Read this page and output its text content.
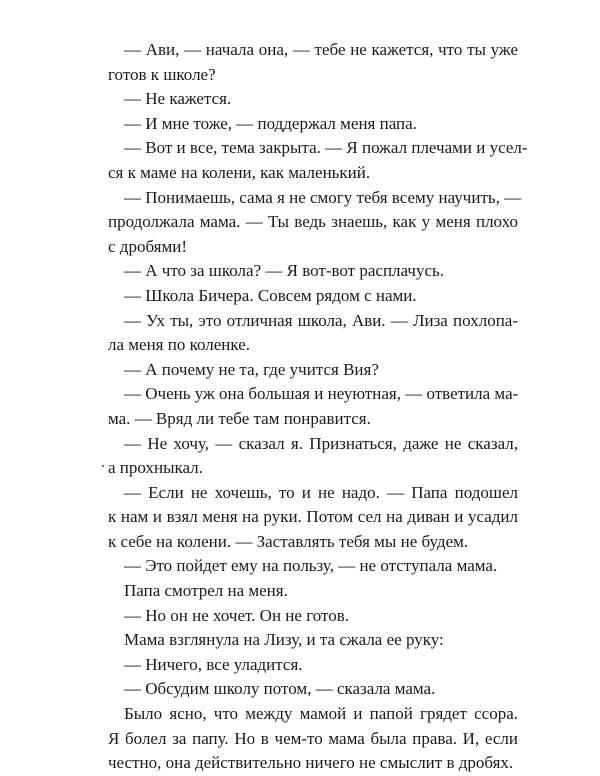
— Ави, — начала она, — тебе не кажется, что ты уже
готов к школе?
— Не кажется.
— И мне тоже, — поддержал меня папа.
— Вот и все, тема закрыта. — Я пожал плечами и усел-
ся к маме на колени, как маленький.
— Понимаешь, сама я не смогу тебя всему научить, —
продолжала мама. — Ты ведь знаешь, как у меня плохо
с дробями!
— А что за школа? — Я вот-вот расплачусь.
— Школа Бичера. Совсем рядом с нами.
— Ух ты, это отличная школа, Ави. — Лиза похлопа-
ла меня по коленке.
— А почему не та, где учится Вия?
— Очень уж она большая и неуютная, — ответила ма-
ма. — Вряд ли тебе там понравится.
— Не хочу, — сказал я. Признаться, даже не сказал,
а прохныкал.
— Если не хочешь, то и не надо. — Папа подошел
к нам и взял меня на руки. Потом сел на диван и усадил
к себе на колени. — Заставлять тебя мы не будем.
— Это пойдет ему на пользу, — не отступала мама.
Папа смотрел на меня.
— Но он не хочет. Он не готов.
Мама взглянула на Лизу, и та сжала ее руку:
— Ничего, все уладится.
— Обсудим школу потом, — сказала мама.
Было ясно, что между мамой и папой грядет ссора.
Я болел за папу. Но в чем-то мама была права. И, если
честно, она действительно ничего не смыслит в дробях.
